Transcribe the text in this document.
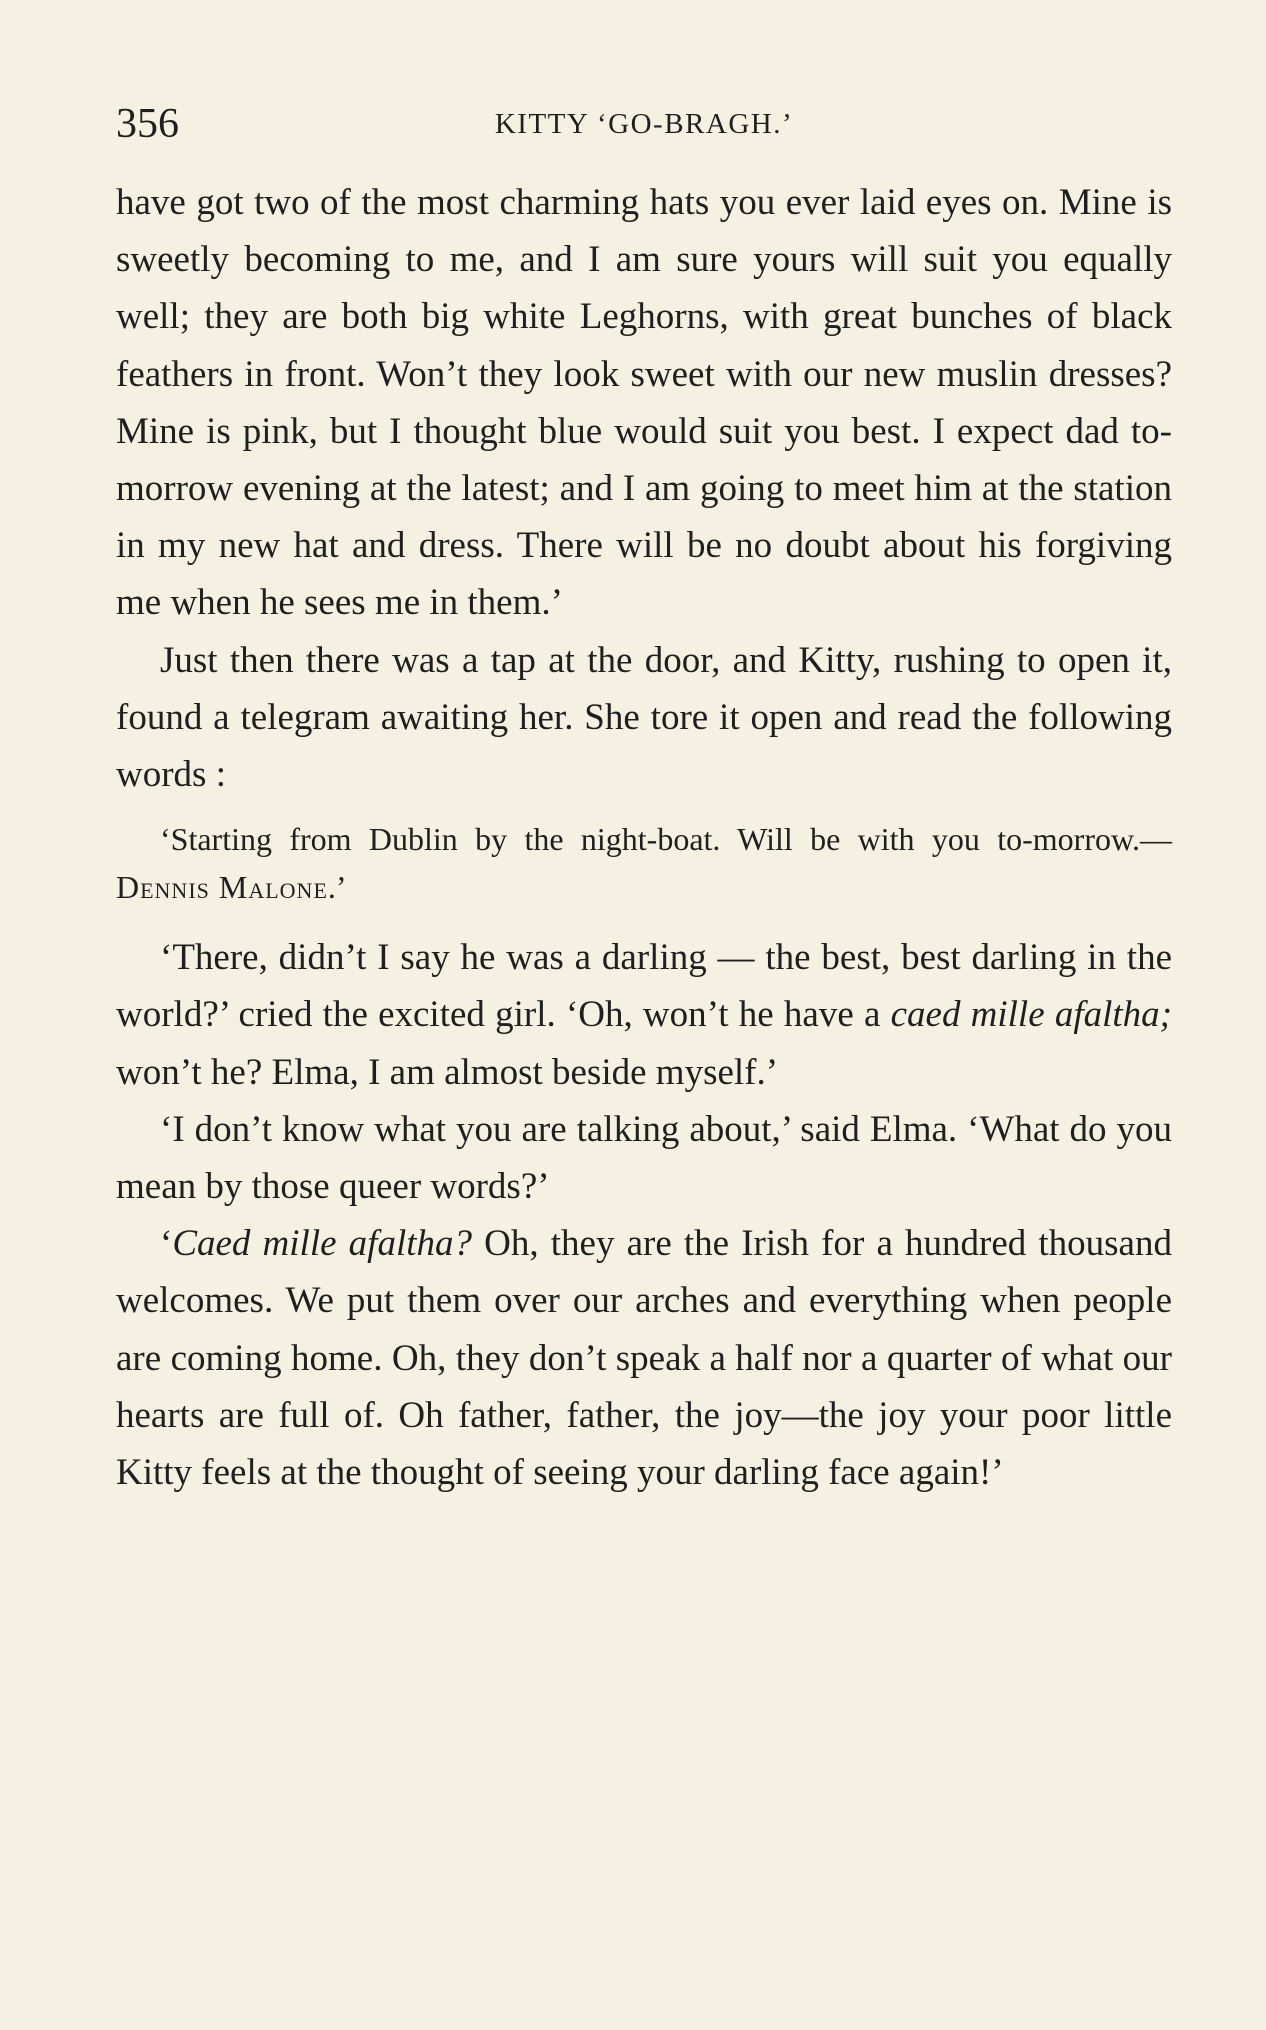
356	KITTY ‘GO-BRAGH.’

have got two of the most charming hats you ever laid eyes on. Mine is sweetly becoming to me, and I am sure yours will suit you equally well; they are both big white Leghorns, with great bunches of black feathers in front. Won’t they look sweet with our new muslin dresses? Mine is pink, but I thought blue would suit you best. I expect dad to-morrow evening at the latest; and I am going to meet him at the station in my new hat and dress. There will be no doubt about his forgiving me when he sees me in them.’

Just then there was a tap at the door, and Kitty, rushing to open it, found a telegram awaiting her. She tore it open and read the following words :

‘Starting from Dublin by the night-boat. Will be with you to-morrow.—Dennis Malone.’

‘There, didn’t I say he was a darling — the best, best darling in the world?’ cried the excited girl. ‘Oh, won’t he have a caed mille afaltha; won’t he? Elma, I am almost beside myself.’

‘I don’t know what you are talking about,’ said Elma. ‘What do you mean by those queer words?’

‘Caed mille afaltha? Oh, they are the Irish for a hundred thousand welcomes. We put them over our arches and everything when people are coming home. Oh, they don’t speak a half nor a quarter of what our hearts are full of. Oh father, father, the joy—the joy your poor little Kitty feels at the thought of seeing your darling face again!’
